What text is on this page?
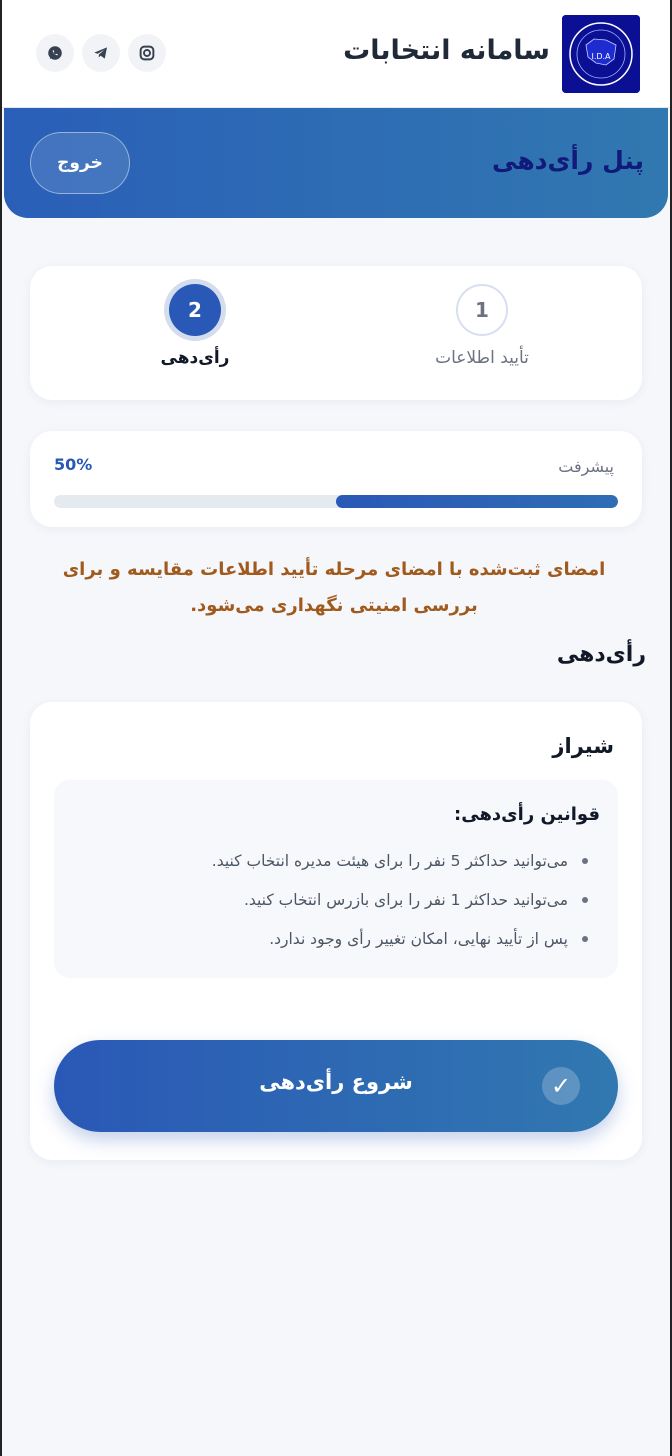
I.D.A
سامانه انتخابات
پنل رأی‌دهی
خروج
1
تأیید اطلاعات
2
رأی‌دهی
پیشرفت
50%
امضای ثبت‌شده با امضای مرحله تأیید اطلاعات مقایسه و برای بررسی امنیتی نگهداری می‌شود.
رأی‌دهی
شیراز
قوانین رأی‌دهی:
می‌توانید حداکثر 5 نفر را برای هیئت مدیره انتخاب کنید.
می‌توانید حداکثر 1 نفر را برای بازرس انتخاب کنید.
پس از تأیید نهایی، امکان تغییر رأی وجود ندارد.
✓
شروع رأی‌دهی
